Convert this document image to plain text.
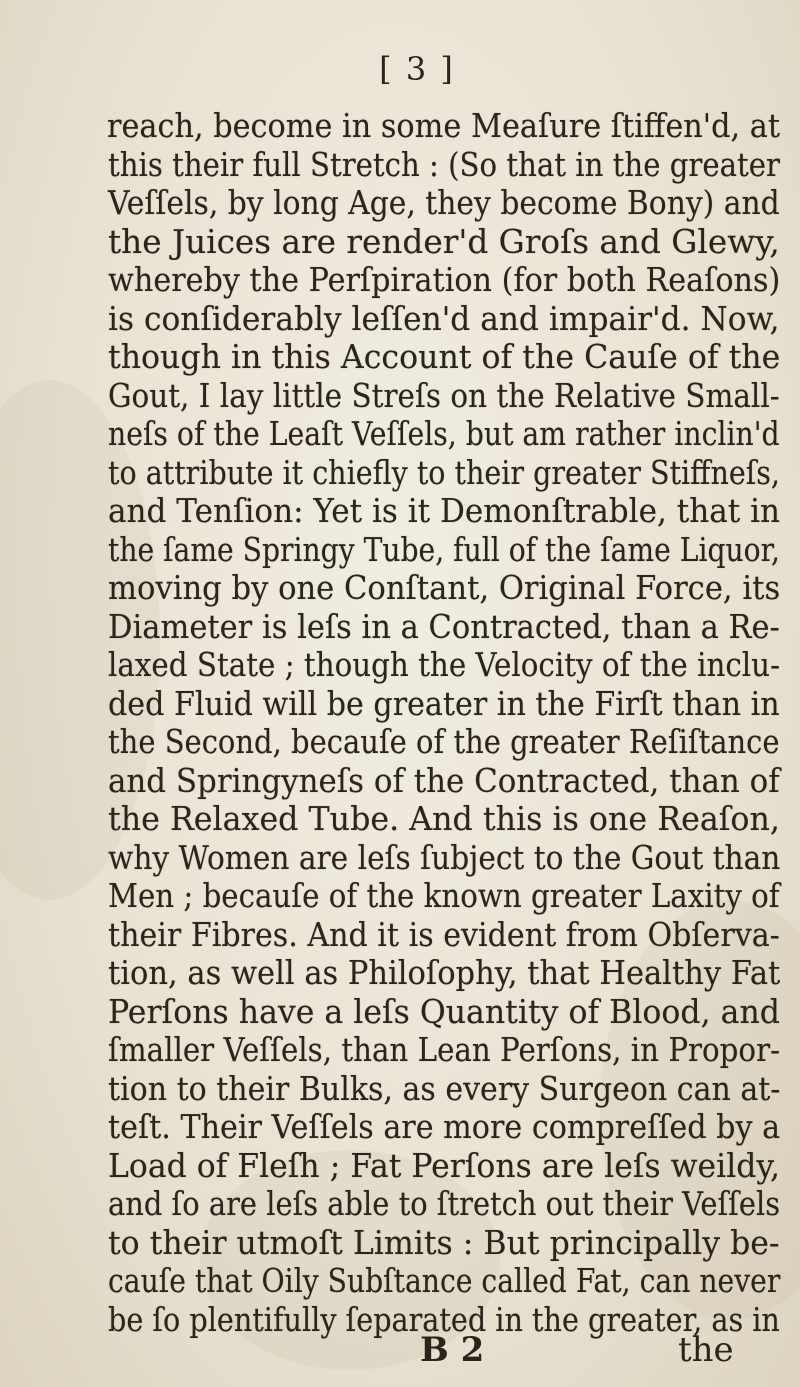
[ 3 ]
reach, become in some Meaſure ſtiffen'd, at
this their full Stretch : (So that in the greater
Veſſels, by long Age, they become Bony) and
the Juices are render'd Groſs and Glewy,
whereby the Perſpiration (for both Reaſons)
is conſiderably leſſen'd and impair'd. Now,
though in this Account of the Cauſe of the
Gout, I lay little Streſs on the Relative Small-
neſs of the Leaſt Veſſels, but am rather inclin'd
to attribute it chiefly to their greater Stiffneſs,
and Tenſion: Yet is it Demonſtrable, that in
the ſame Springy Tube, full of the ſame Liquor,
moving by one Conſtant, Original Force, its
Diameter is leſs in a Contracted, than a Re-
laxed State ; though the Velocity of the inclu-
ded Fluid will be greater in the Firſt than in
the Second, becauſe of the greater Reſiſtance
and Springyneſs of the Contracted, than of
the Relaxed Tube. And this is one Reaſon,
why Women are leſs ſubject to the Gout than
Men ; becauſe of the known greater Laxity of
their Fibres. And it is evident from Obſerva-
tion, as well as Philoſophy, that Healthy Fat
Perſons have a leſs Quantity of Blood, and
ſmaller Veſſels, than Lean Perſons, in Propor-
tion to their Bulks, as every Surgeon can at-
teſt. Their Veſſels are more compreſſed by a
Load of Fleſh ; Fat Perſons are leſs weildy,
and ſo are leſs able to ſtretch out their Veſſels
to their utmoſt Limits : But principally be-
cauſe that Oily Subſtance called Fat, can never
be ſo plentifully ſeparated in the greater, as in
B 2	the
